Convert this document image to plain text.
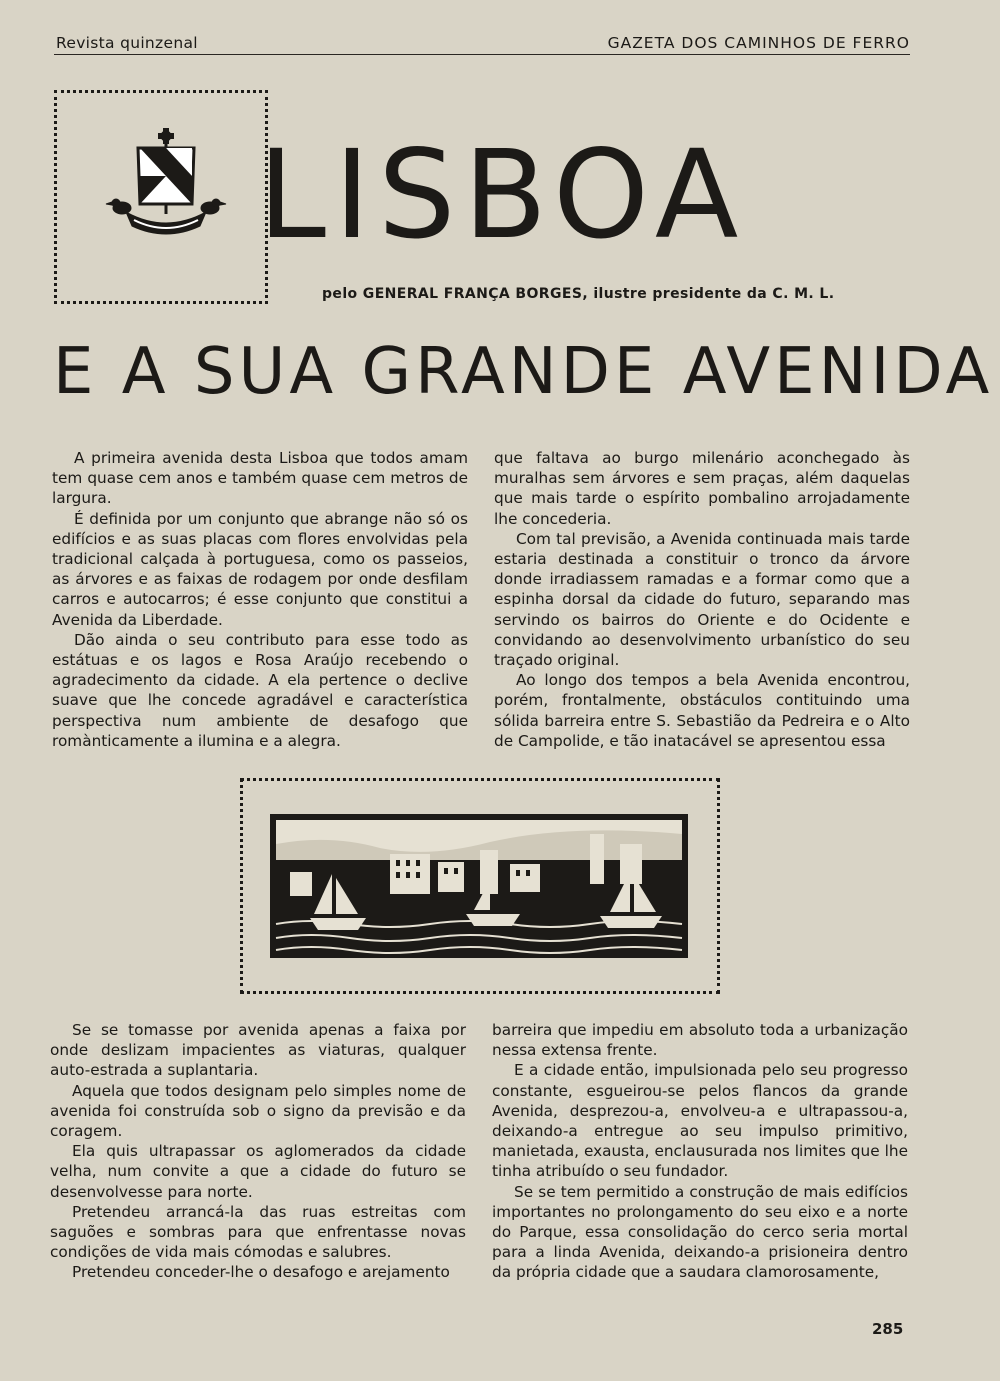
Revista quinzenal	GAZETA DOS CAMINHOS DE FERRO
LISBOA
pelo GENERAL FRANÇA BORGES, ilustre presidente da C. M. L.
E A SUA GRANDE AVENIDA

A primeira avenida desta Lisboa que todos amam tem quase cem anos e também quase cem metros de largura.

É definida por um conjunto que abrange não só os edifícios e as suas placas com flores envolvidas pela tradicional calçada à portuguesa, como os passeios, as árvores e as faixas de rodagem por onde desfilam carros e autocarros; é esse conjunto que constitui a Avenida da Liberdade.

Dão ainda o seu contributo para esse todo as estátuas e os lagos e Rosa Araújo recebendo o agradecimento da cidade. A ela pertence o declive suave que lhe concede agradável e característica perspectiva num ambiente de desafogo que romànticamente a ilumina e a alegra.

que faltava ao burgo milenário aconchegado às muralhas sem árvores e sem praças, além daquelas que mais tarde o espírito pombalino arrojadamente lhe concederia.

Com tal previsão, a Avenida continuada mais tarde estaria destinada a constituir o tronco da árvore donde irradiassem ramadas e a formar como que a espinha dorsal da cidade do futuro, separando mas servindo os bairros do Oriente e do Ocidente e convidando ao desenvolvimento urbanístico do seu traçado original.

Ao longo dos tempos a bela Avenida encontrou, porém, frontalmente, obstáculos contituindo uma sólida barreira entre S. Sebastião da Pedreira e o Alto de Campolide, e tão inatacável se apresentou essa

Se se tomasse por avenida apenas a faixa por onde deslizam impacientes as viaturas, qualquer auto-estrada a suplantaria.

Aquela que todos designam pelo simples nome de avenida foi construída sob o signo da previsão e da coragem.

Ela quis ultrapassar os aglomerados da cidade velha, num convite a que a cidade do futuro se desenvolvesse para norte.

Pretendeu arrancá-la das ruas estreitas com saguões e sombras para que enfrentasse novas condições de vida mais cómodas e salubres.

Pretendeu conceder-lhe o desafogo e arejamento

barreira que impediu em absoluto toda a urbanização nessa extensa frente.

E a cidade então, impulsionada pelo seu progresso constante, esgueirou-se pelos flancos da grande Avenida, desprezou-a, envolveu-a e ultrapassou-a, deixando-a entregue ao seu impulso primitivo, manietada, exausta, enclausurada nos limites que lhe tinha atribuído o seu fundador.

Se se tem permitido a construção de mais edifícios importantes no prolongamento do seu eixo e a norte do Parque, essa consolidação do cerco seria mortal para a linda Avenida, deixando-a prisioneira dentro da própria cidade que a saudara clamorosamente,

285
